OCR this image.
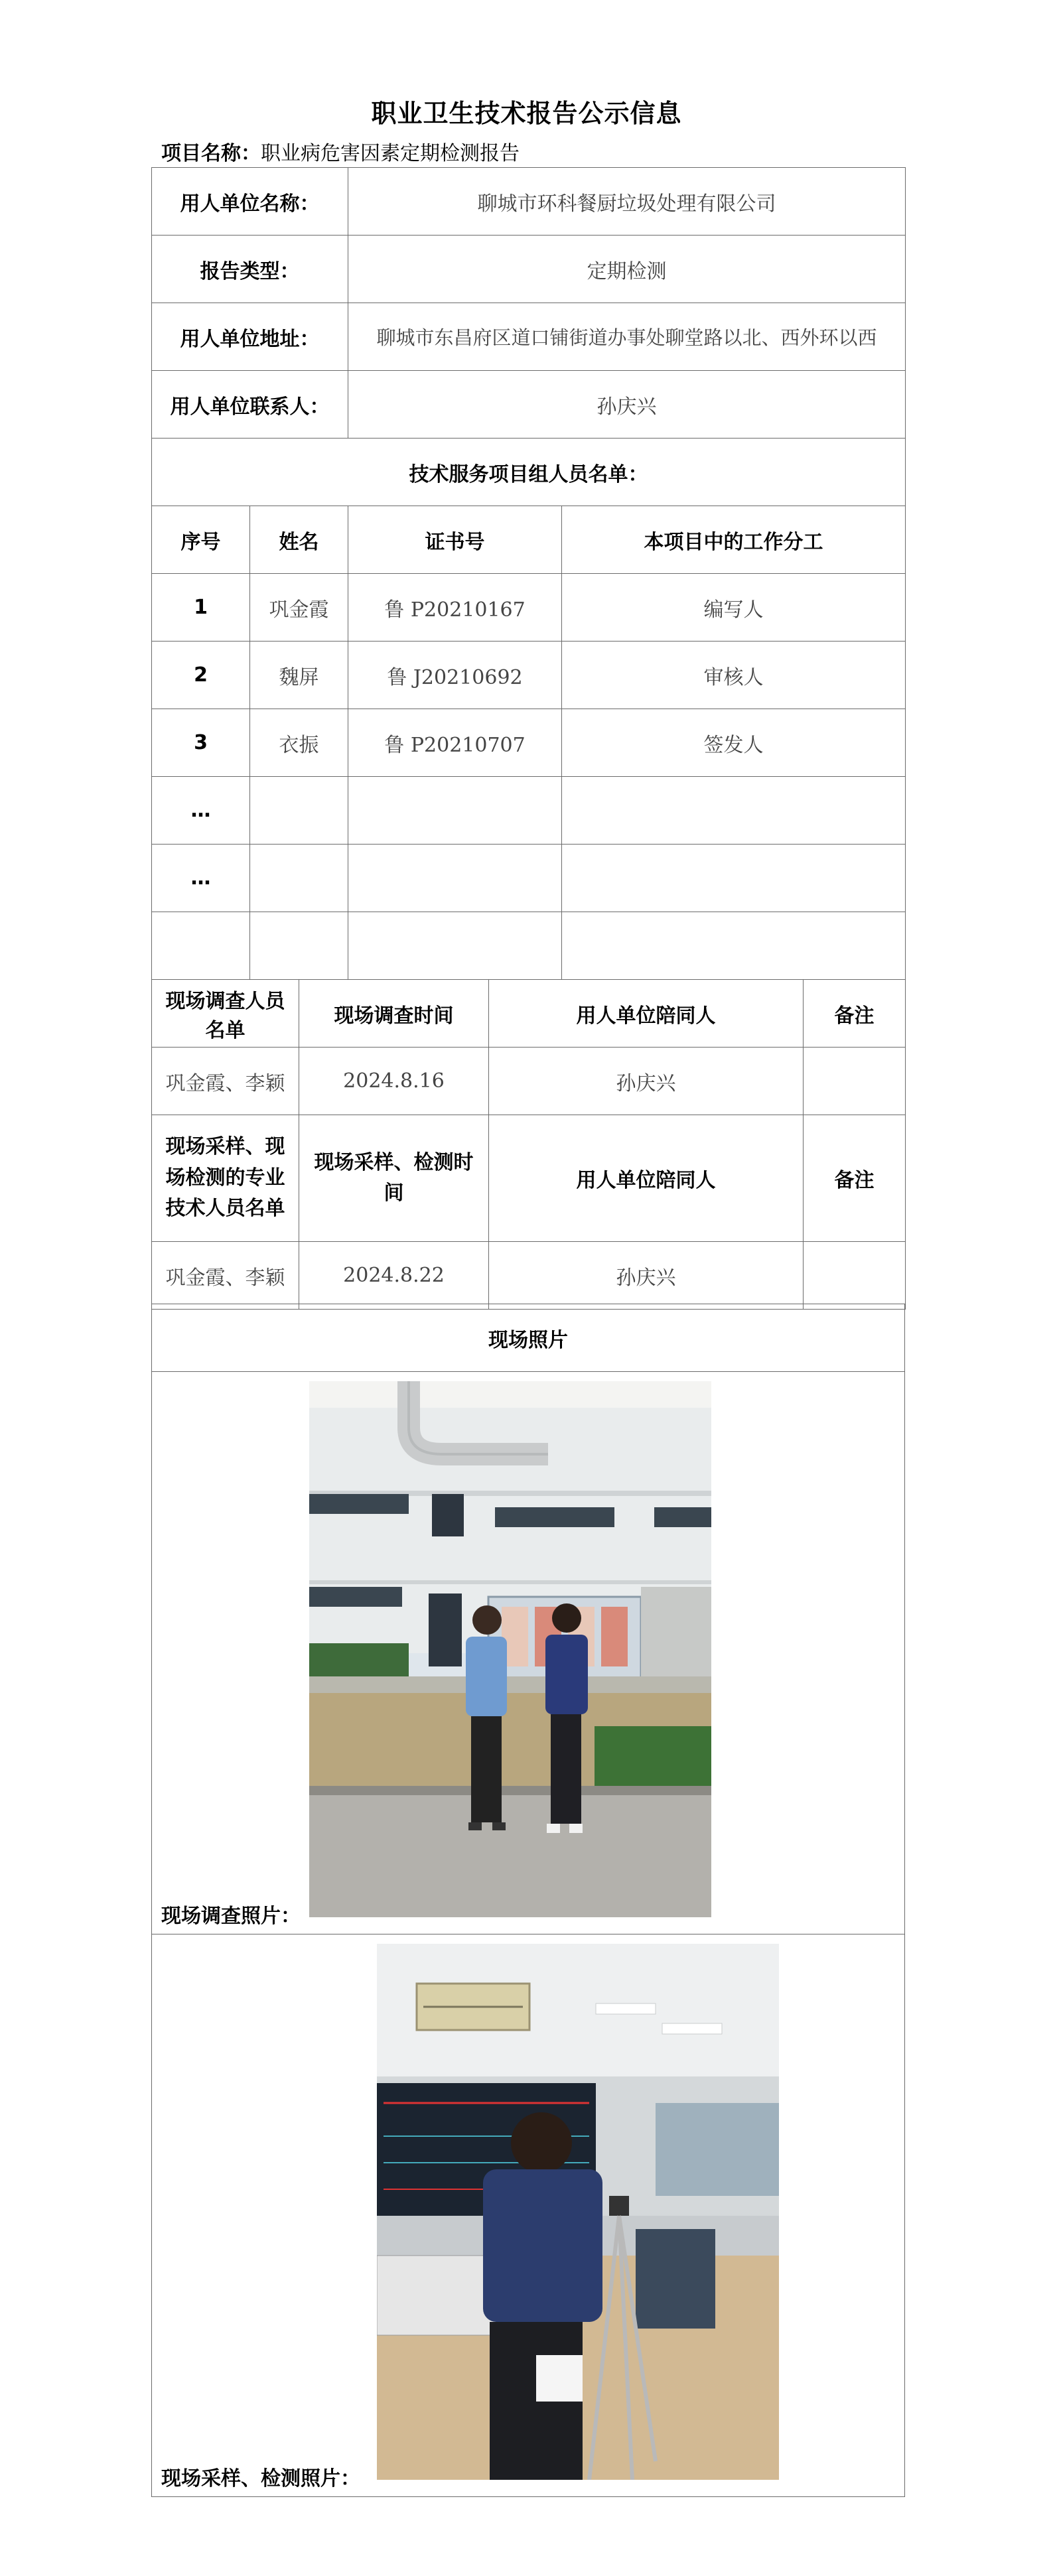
职业卫生技术报告公示信息
项目名称：职业病危害因素定期检测报告
用人单位名称：			聊城市环科餐厨垃圾处理有限公司			
报告类型：			定期检测			
用人单位地址：			聊城市东昌府区道口铺街道办事处聊堂路以北、西外环以西			
用人单位联系人：			孙庆兴			
技术服务项目组人员名单：						
序号	姓名		证书号		本项目中的工作分工	
1	巩金霞		鲁 P20210167		编写人	
2	魏屏		鲁 J20210692		审核人	
3	衣振		鲁 P20210707		签发人	
…						
…						

现场调查人员名单		现场调查时间		用人单位陪同人		备注
巩金霞、李颖		2024.8.16		孙庆兴		
现场采样、现场检测的专业技术人员名单		现场采样、检测时间		用人单位陪同人		备注
巩金霞、李颖		2024.8.22		孙庆兴		
现场照片

现场调查照片：

现场采样、检测照片：
